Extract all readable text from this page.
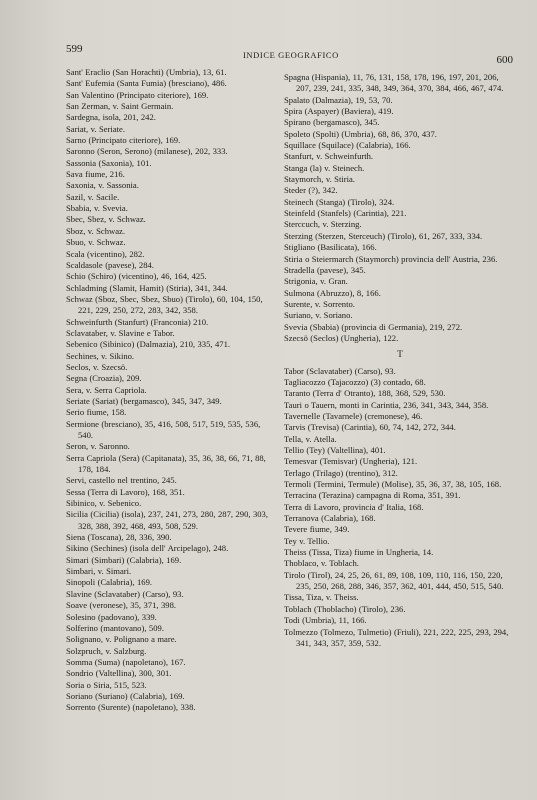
599	INDICE GEOGRAFICO	600
Sant' Eraclio (San Horachti) (Umbria), 13, 61.
Sant' Eufemia (Santa Fumia) (bresciano), 486.
San Valentino (Principato citeriore), 169.
San Zerman, v. Saint Germain.
Sardegna, isola, 201, 242.
Sariat, v. Seriate.
Sarno (Principato citeriore), 169.
Saronno (Seron, Serono) (milanese), 202, 333.
Sassonia (Saxonia), 101.
Sava fiume, 216.
Saxonia, v. Sassonia.
Sazil, v. Sacile.
Sbabia, v. Svevia.
Sbec, Sbez, v. Schwaz.
Sboz, v. Schwaz.
Sbuo, v. Schwaz.
Scala (vicentino), 282.
Scaldasole (pavese), 284.
Schio (Schiro) (vicentino), 46, 164, 425.
Schladming (Slamit, Hamit) (Stiria), 341, 344.
Schwaz (Sboz, Sbec, Sbez, Sbuo) (Tirolo), 60, 104, 150, 221, 229, 250, 272, 283, 342, 358.
Schweinfurth (Stanfurt) (Franconia) 210.
Sclavataber, v. Slavine e Tabor.
Sebenico (Sibinico) (Dalmazia), 210, 335, 471.
Sechines, v. Sikino.
Seclos, v. Szecsö.
Segna (Croazia), 209.
Sera, v. Serra Capriola.
Seriate (Sariat) (bergamasco), 345, 347, 349.
Serio fiume, 158.
Sermione (bresciano), 35, 416, 508, 517, 519, 535, 536, 540.
Seron, v. Saronno.
Serra Capriola (Sera) (Capitanata), 35, 36, 38, 66, 71, 88, 178, 184.
Servi, castello nel trentino, 245.
Sessa (Terra di Lavoro), 168, 351.
Sibinico, v. Sebenico.
Sicilia (Cicilia) (isola), 237, 241, 273, 280, 287, 290, 303, 328, 388, 392, 468, 493, 508, 529.
Siena (Toscana), 28, 336, 390.
Sikino (Sechines) (isola dell' Arcipelago), 248.
Simari (Simbari) (Calabria), 169.
Simbari, v. Simari.
Sinopoli (Calabria), 169.
Slavine (Sclavataber) (Carso), 93.
Soave (veronese), 35, 371, 398.
Solesino (padovano), 339.
Solferino (mantovano), 509.
Solignano, v. Polignano a mare.
Solzpruch, v. Salzburg.
Somma (Suma) (napoletano), 167.
Sondrio (Valtellina), 300, 301.
Soria o Siria, 515, 523.
Soriano (Suriano) (Calabria), 169.
Sorrento (Surente) (napoletano), 338.
Spagna (Hispania), 11, 76, 131, 158, 178, 196, 197, 201, 206, 207, 239, 241, 335, 348, 349, 364, 370, 384, 466, 467, 474.
Spalato (Dalmazia), 19, 53, 70.
Spira (Aspayer) (Baviera), 419.
Spirano (bergamasco), 345.
Spoleto (Spolti) (Umbria), 68, 86, 370, 437.
Squillace (Squilace) (Calabria), 166.
Stanfurt, v. Schweinfurth.
Stanga (la) v. Steinech.
Staymorch, v. Stiria.
Steder (?), 342.
Steinech (Stanga) (Tirolo), 324.
Steinfeld (Stanfels) (Carintia), 221.
Sterccuch, v. Sterzing.
Sterzing (Sterzen, Sterceuch) (Tirolo), 61, 267, 333, 334.
Stigliano (Basilicata), 166.
Stiria o Steiermarch (Staymorch) provincia dell' Austria, 236.
Stradella (pavese), 345.
Strigonia, v. Gran.
Sulmona (Abruzzo), 8, 166.
Surente, v. Sorrento.
Suriano, v. Soriano.
Svevia (Sbabia) (provincia di Germania), 219, 272.
Szecsö (Seclos) (Ungheria), 122.
T
Tabor (Sclavataber) (Carso), 93.
Tagliacozzo (Tajacozzo) (3) contado, 68.
Taranto (Terra d' Otranto), 188, 368, 529, 530.
Tauri o Tauern, monti in Carintia, 236, 341, 343, 344, 358.
Tavernelle (Tavarnele) (cremonese), 46.
Tarvis (Trevisa) (Carintia), 60, 74, 142, 272, 344.
Tella, v. Atella.
Tellio (Tey) (Valtellina), 401.
Temesvar (Temisvar) (Ungheria), 121.
Terlago (Trilago) (trentino), 312.
Termoli (Termini, Termule) (Molise), 35, 36, 37, 38, 105, 168.
Terracina (Terazina) campagna di Roma, 351, 391.
Terra di Lavoro, provincia d' Italia, 168.
Terranova (Calabria), 168.
Tevere fiume, 349.
Tey v. Tellio.
Theiss (Tissa, Tiza) fiume in Ungheria, 14.
Thoblaco, v. Toblach.
Tirolo (Tirol), 24, 25, 26, 61, 89, 108, 109, 110, 116, 150, 220, 235, 250, 268, 288, 346, 357, 362, 401, 444, 450, 515, 540.
Tissa, Tiza, v. Theiss.
Toblach (Thoblacho) (Tirolo), 236.
Todi (Umbria), 11, 166.
Tolmezzo (Tolmezo, Tulmetio) (Friuli), 221, 222, 225, 293, 294, 341, 343, 357, 359, 532.
